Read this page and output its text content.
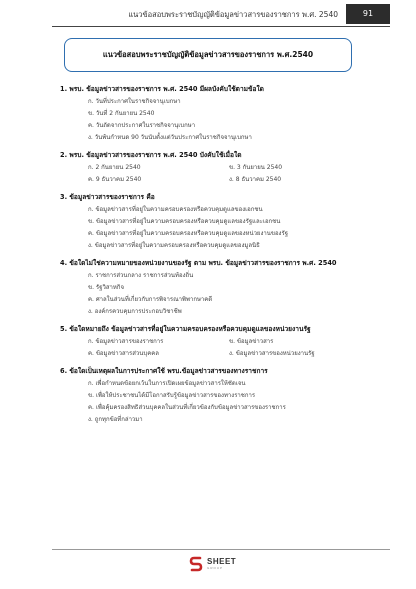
แนวข้อสอบพระราชบัญญัติข้อมูลข่าวสารของราชการ พ.ศ. 2540	91
แนวข้อสอบพระราชบัญญัติข้อมูลข่าวสารของราชการ พ.ศ.2540
1. พรบ. ข้อมูลข่าวสารของราชการ พ.ศ. 2540 มีผลบังคับใช้ตามข้อใด
ก. วันที่ประกาศในราชกิจจานุเบกษา
ข. วันที่ 2 กันยายน 2540
ค. วันถัดจากประกาศในราชกิจจานุเบกษา
ง. วันพ้นกำหนด 90 วันนับตั้งแต่วันประกาศในราชกิจจานุเบกษา
2. พรบ. ข้อมูลข่าวสารของราชการ พ.ศ. 2540 บังคับใช้เมื่อใด
ก. 2 กันยายน 2540	ข. 3 กันยายน 2540
ค. 9 ธันวาคม 2540	ง. 8 ธันวาคม 2540
3. ข้อมูลข่าวสารของราชการ คือ
ก. ข้อมูลข่าวสารที่อยู่ในความครอบครองหรือควบคุมดูแลของเอกชน
ข. ข้อมูลข่าวสารที่อยู่ในความครอบครองหรือควบคุมดูแลของรัฐและเอกชน
ค. ข้อมูลข่าวสารที่อยู่ในความครอบครองหรือควบคุมดูแลของหน่วยงานของรัฐ
ง. ข้อมูลข่าวสารที่อยู่ในความครอบครองหรือควบคุมดูแลของมูลนิธิ
4. ข้อใดไม่ใช่ความหมายของหน่วยงานของรัฐ ตาม พรบ. ข้อมูลข่าวสารของราชการ พ.ศ. 2540
ก. ราชการส่วนกลาง ราชการส่วนท้องถิ่น
ข. รัฐวิสาหกิจ
ค. ศาลในส่วนที่เกี่ยวกับการพิจารณาพิพากษาคดี
ง. องค์กรควบคุมการประกอบวิชาชีพ
5. ข้อใดหมายถึง ข้อมูลข่าวสารที่อยู่ในความครอบครองหรือควบคุมดูแลของหน่วยงานรัฐ
ก. ข้อมูลข่าวสารของราชการ	ข. ข้อมูลข่าวสาร
ค. ข้อมูลข่าวสารส่วนบุคคล	ง. ข้อมูลข่าวสารของหน่วยงานรัฐ
6. ข้อใดเป็นเหตุผลในการประกาศใช้ พรบ.ข้อมูลข่าวสารของทางราชการ
ก. เพื่อกำหนดข้อยกเว้นในการเปิดเผยข้อมูลข่าวสารให้ชัดเจน
ข. เพื่อให้ประชาชนได้มีโอกาสรับรู้ข้อมูลข่าวสารของทางราชการ
ค. เพื่อคุ้มครองสิทธิส่วนบุคคลในส่วนที่เกี่ยวข้องกับข้อมูลข่าวสารของราชการ
ง. ถูกทุกข้อที่กล่าวมา
SHEET
GROUP
